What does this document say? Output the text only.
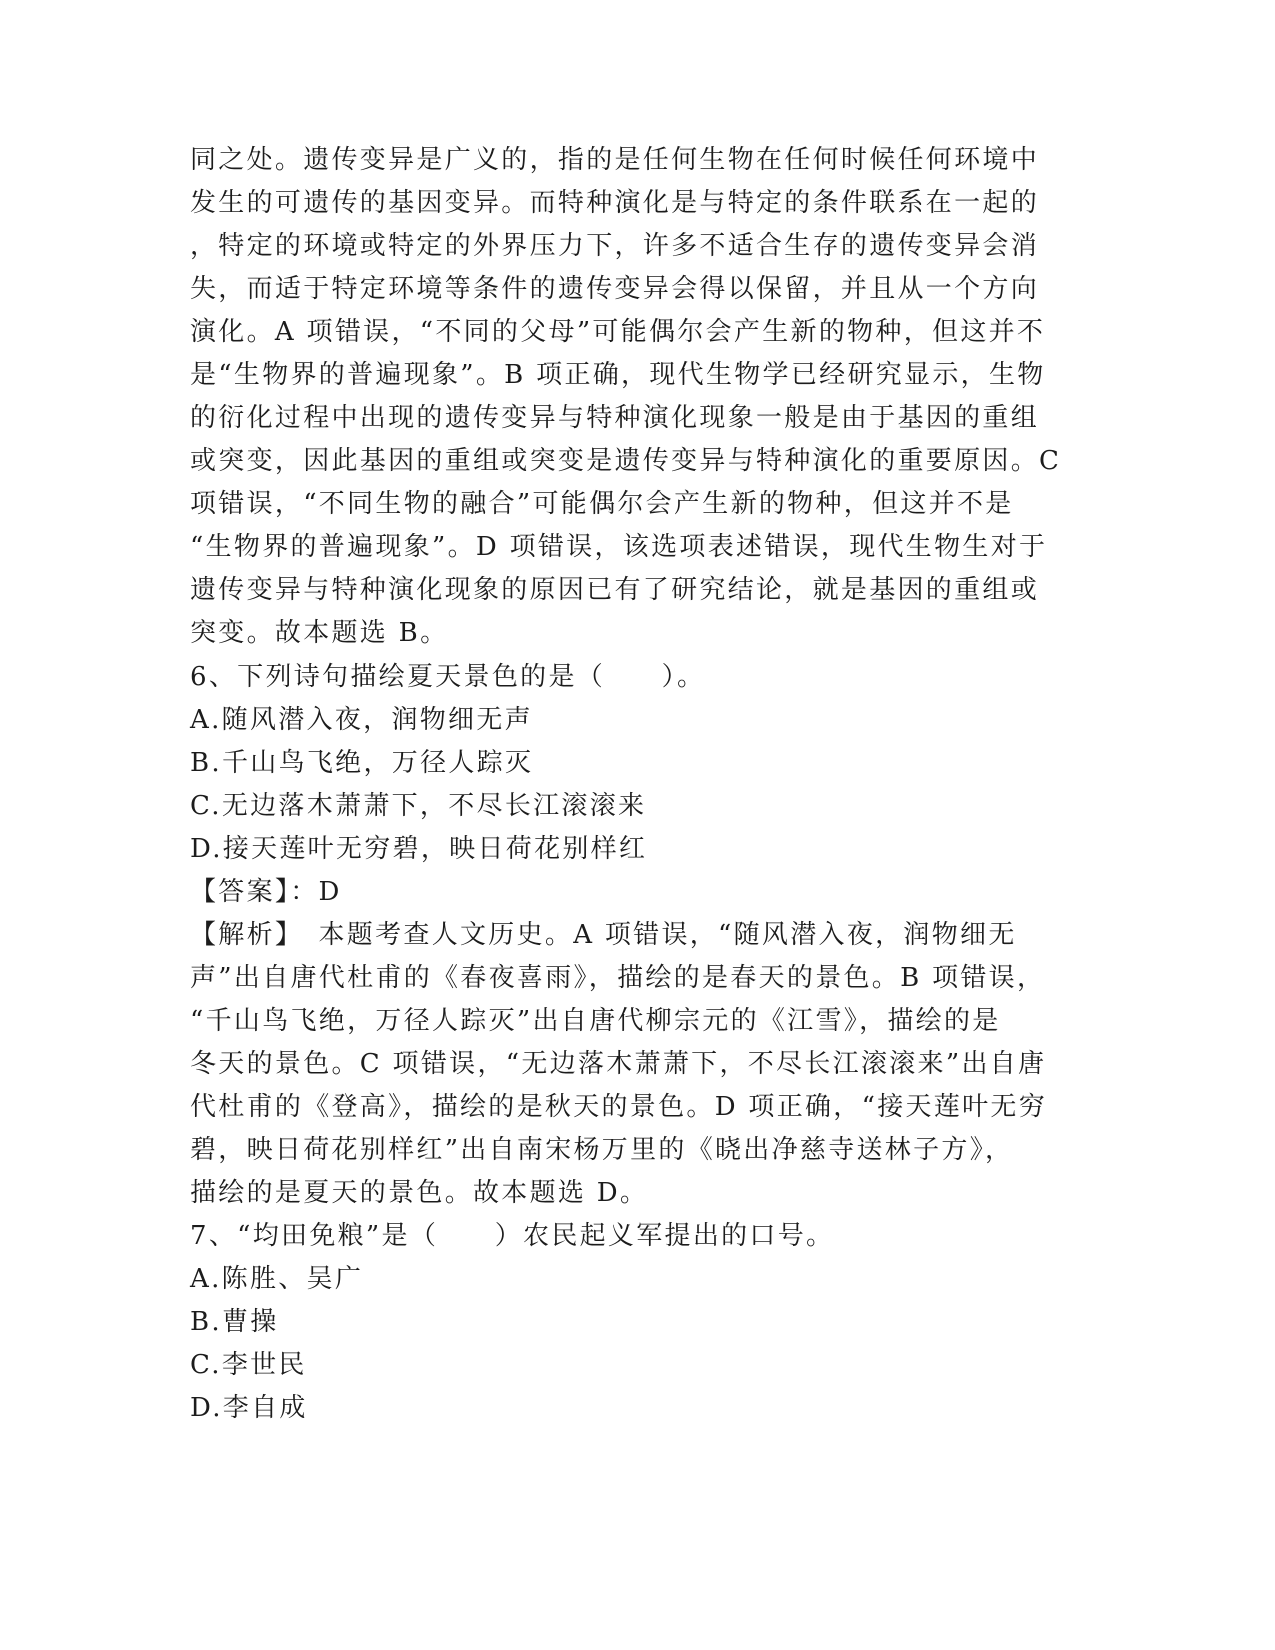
同之处。遗传变异是广义的，指的是任何生物在任何时候任何环境中
发生的可遗传的基因变异。而特种演化是与特定的条件联系在一起的
，特定的环境或特定的外界压力下，许多不适合生存的遗传变异会消
失，而适于特定环境等条件的遗传变异会得以保留，并且从一个方向
演化。A 项错误，“不同的父母”可能偶尔会产生新的物种，但这并不
是“生物界的普遍现象”。B 项正确，现代生物学已经研究显示，生物
的衍化过程中出现的遗传变异与特种演化现象一般是由于基因的重组
或突变，因此基因的重组或突变是遗传变异与特种演化的重要原因。C
项错误，“不同生物的融合”可能偶尔会产生新的物种，但这并不是
“生物界的普遍现象”。D 项错误，该选项表述错误，现代生物生对于
遗传变异与特种演化现象的原因已有了研究结论，就是基因的重组或
突变。故本题选 B。
6、下列诗句描绘夏天景色的是（　　）。
A.随风潜入夜，润物细无声
B.千山鸟飞绝，万径人踪灭
C.无边落木萧萧下，不尽长江滚滚来
D.接天莲叶无穷碧，映日荷花别样红
【答案】：D
【解析】　本题考查人文历史。A 项错误，“随风潜入夜，润物细无
声”出自唐代杜甫的《春夜喜雨》，描绘的是春天的景色。B 项错误，
“千山鸟飞绝，万径人踪灭”出自唐代柳宗元的《江雪》，描绘的是
冬天的景色。C 项错误，“无边落木萧萧下，不尽长江滚滚来”出自唐
代杜甫的《登高》，描绘的是秋天的景色。D 项正确，“接天莲叶无穷
碧，映日荷花别样红”出自南宋杨万里的《晓出净慈寺送林子方》，
描绘的是夏天的景色。故本题选 D。
7、“均田免粮”是（　　）农民起义军提出的口号。
A.陈胜、吴广
B.曹操
C.李世民
D.李自成
